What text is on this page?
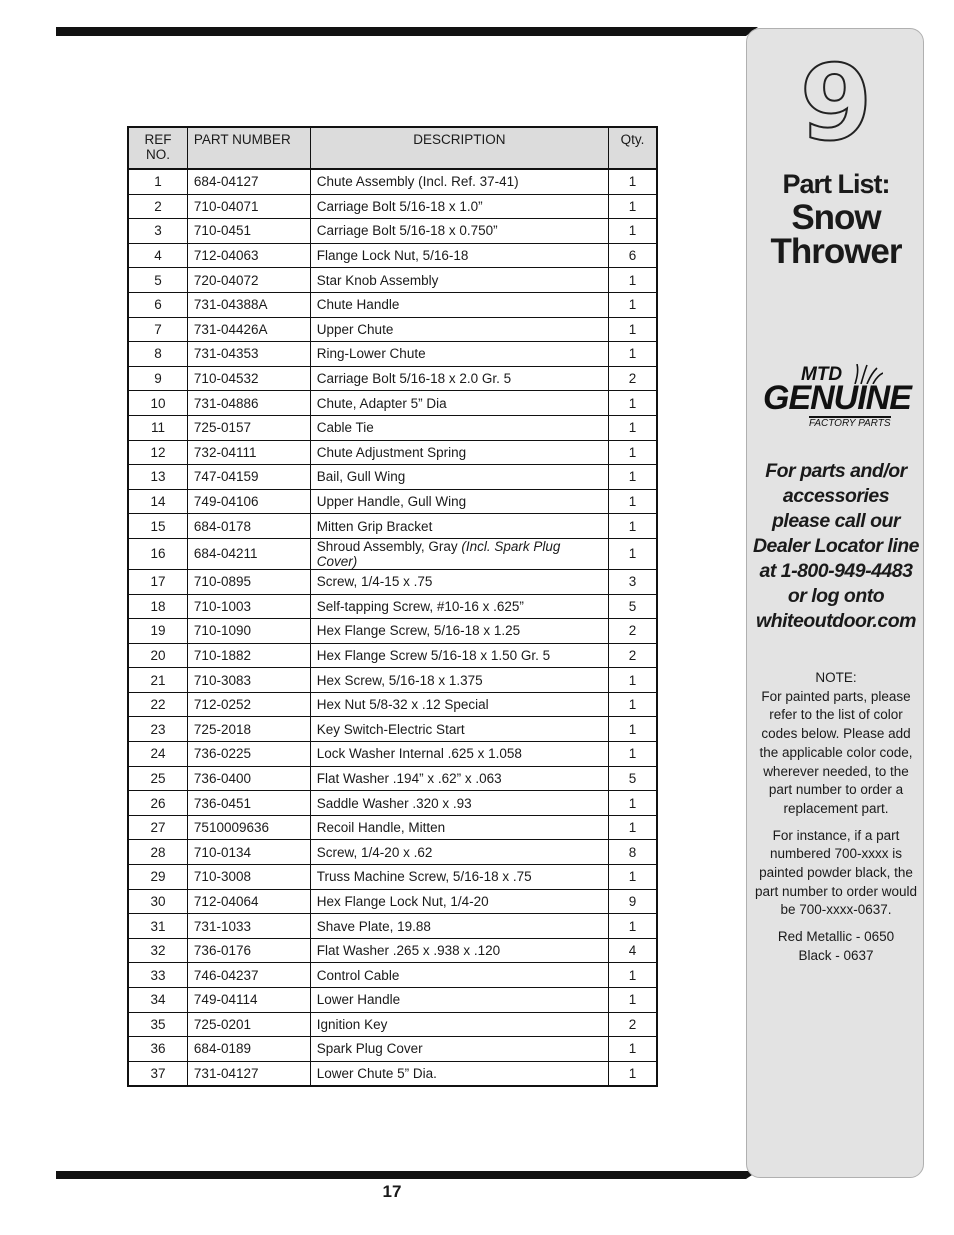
REF
NO.	PART NUMBER	DESCRIPTION	Qty.
1	684-04127	Chute Assembly (Incl. Ref. 37-41)	1
2	710-04071	Carriage Bolt 5/16-18 x 1.0”	1
3	710-0451	Carriage Bolt 5/16-18 x 0.750”	1
4	712-04063	Flange Lock Nut, 5/16-18	6
5	720-04072	Star Knob Assembly	1
6	731-04388A	Chute Handle	1
7	731-04426A	Upper Chute	1
8	731-04353	Ring-Lower Chute	1
9	710-04532	Carriage Bolt 5/16-18 x 2.0 Gr. 5	2
10	731-04886	Chute, Adapter 5” Dia	1
11	725-0157	Cable Tie	1
12	732-04111	Chute Adjustment Spring	1
13	747-04159	Bail, Gull Wing	1
14	749-04106	Upper Handle, Gull Wing	1
15	684-0178	Mitten Grip Bracket	1
16	684-04211	Shroud Assembly, Gray (Incl. Spark Plug Cover)	1
17	710-0895	Screw, 1/4-15 x .75	3
18	710-1003	Self-tapping Screw, #10-16 x .625”	5
19	710-1090	Hex Flange Screw, 5/16-18 x 1.25	2
20	710-1882	Hex Flange Screw 5/16-18 x 1.50 Gr. 5	2
21	710-3083	Hex Screw, 5/16-18 x 1.375	1
22	712-0252	Hex Nut 5/8-32 x .12 Special	1
23	725-2018	Key Switch-Electric Start	1
24	736-0225	Lock Washer Internal .625 x 1.058	1
25	736-0400	Flat Washer .194” x .62” x .063	5
26	736-0451	Saddle Washer .320 x .93	1
27	7510009636	Recoil Handle, Mitten	1
28	710-0134	Screw, 1/4-20 x .62	8
29	710-3008	Truss Machine Screw, 5/16-18 x .75	1
30	712-04064	Hex Flange Lock Nut, 1/4-20	9
31	731-1033	Shave Plate, 19.88	1
32	736-0176	Flat Washer .265 x .938 x .120	4
33	746-04237	Control Cable	1
34	749-04114	Lower Handle	1
35	725-0201	Ignition Key	2
36	684-0189	Spark Plug Cover	1
37	731-04127	Lower Chute 5” Dia.	1
9
Part List:
Snow
Thrower
MTD
GENUINE
FACTORY PARTS
For parts and/or
accessories
please call our
Dealer Locator line
at 1-800-949-4483
or log onto
whiteoutdoor.com

NOTE:

For painted parts, please refer to the list of color codes below. Please add the applicable color code, wherever needed, to the part number to order a replacement part.

For instance, if a part numbered 700-xxxx is painted powder black, the part number to order would be 700-xxxx-0637.

Red Metallic - 0650

Black - 0637

17
